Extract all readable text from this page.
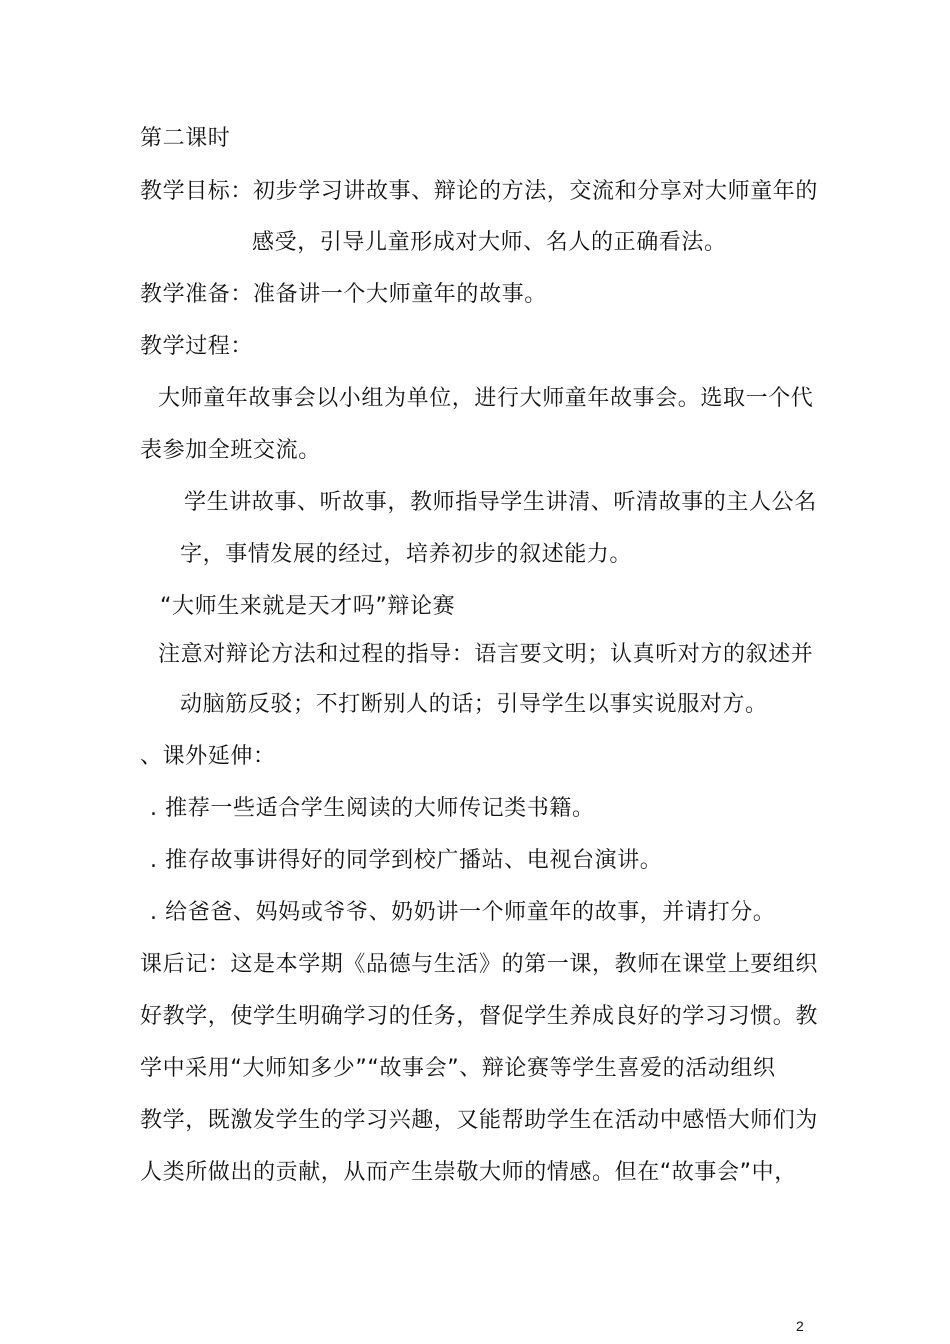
第二课时
教学目标：初步学习讲故事、辩论的方法，交流和分享对大师童年的
感受，引导儿童形成对大师、名人的正确看法。
教学准备：准备讲一个大师童年的故事。
教学过程：
大师童年故事会以小组为单位，进行大师童年故事会。选取一个代
表参加全班交流。
学生讲故事、听故事，教师指导学生讲清、听清故事的主人公名
字，事情发展的经过，培养初步的叙述能力。
“大师生来就是天才吗”辩论赛
注意对辩论方法和过程的指导：语言要文明；认真听对方的叙述并
动脑筋反驳；不打断别人的话；引导学生以事实说服对方。
、课外延伸：
. 推荐一些适合学生阅读的大师传记类书籍。
. 推存故事讲得好的同学到校广播站、电视台演讲。
. 给爸爸、妈妈或爷爷、奶奶讲一个师童年的故事，并请打分。
课后记：这是本学期《品德与生活》的第一课，教师在课堂上要组织
好教学，使学生明确学习的任务，督促学生养成良好的学习习惯。教
学中采用“大师知多少”“故事会”、辩论赛等学生喜爱的活动组织
教学，既激发学生的学习兴趣，又能帮助学生在活动中感悟大师们为
人类所做出的贡献，从而产生崇敬大师的情感。但在“故事会”中，
2
